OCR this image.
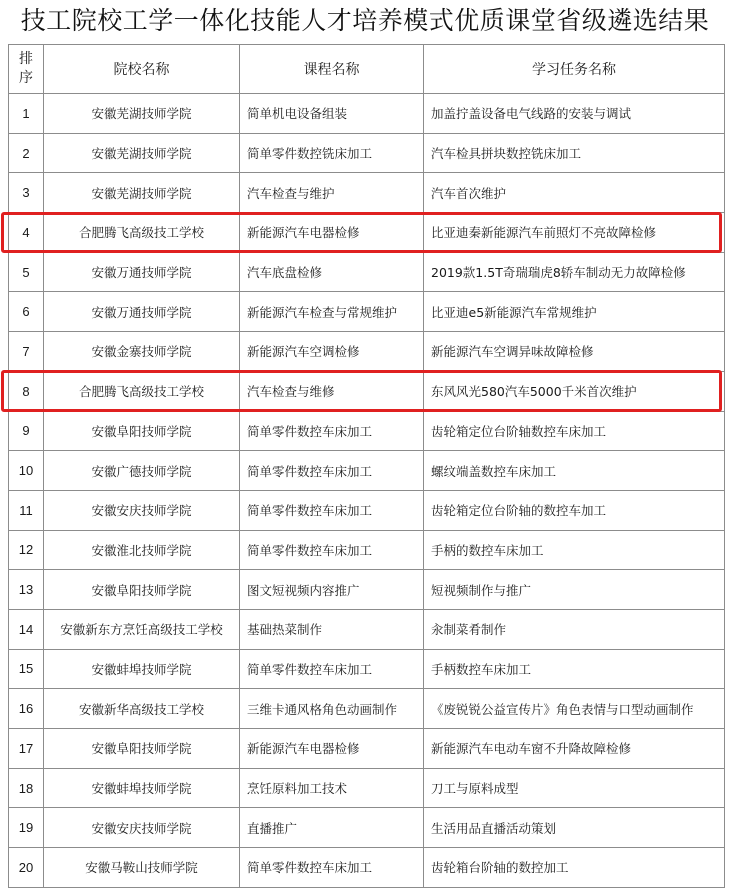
技工院校工学一体化技能人才培养模式优质课堂省级遴选结果
排
序	院校名称	课程名称	学习任务名称
1	安徽芜湖技师学院	简单机电设备组装	加盖拧盖设备电气线路的安装与调试
2	安徽芜湖技师学院	简单零件数控铣床加工	汽车检具拼块数控铣床加工
3	安徽芜湖技师学院	汽车检查与维护	汽车首次维护
4	合肥腾飞高级技工学校	新能源汽车电器检修	比亚迪秦新能源汽车前照灯不亮故障检修
5	安徽万通技师学院	汽车底盘检修	2019款1.5T奇瑞瑞虎8轿车制动无力故障检修
6	安徽万通技师学院	新能源汽车检查与常规维护	比亚迪e5新能源汽车常规维护
7	安徽金寨技师学院	新能源汽车空调检修	新能源汽车空调异味故障检修
8	合肥腾飞高级技工学校	汽车检查与维修	东风风光580汽车5000千米首次维护
9	安徽阜阳技师学院	简单零件数控车床加工	齿轮箱定位台阶轴数控车床加工
10	安徽广德技师学院	简单零件数控车床加工	螺纹端盖数控车床加工
11	安徽安庆技师学院	简单零件数控车床加工	齿轮箱定位台阶轴的数控车加工
12	安徽淮北技师学院	简单零件数控车床加工	手柄的数控车床加工
13	安徽阜阳技师学院	图文短视频内容推广	短视频制作与推广
14	安徽新东方烹饪高级技工学校	基础热菜制作	汆制菜肴制作
15	安徽蚌埠技师学院	简单零件数控车床加工	手柄数控车床加工
16	安徽新华高级技工学校	三维卡通风格角色动画制作	《废锐锐公益宣传片》角色表情与口型动画制作
17	安徽阜阳技师学院	新能源汽车电器检修	新能源汽车电动车窗不升降故障检修
18	安徽蚌埠技师学院	烹饪原料加工技术	刀工与原料成型
19	安徽安庆技师学院	直播推广	生活用品直播活动策划
20	安徽马鞍山技师学院	简单零件数控车床加工	齿轮箱台阶轴的数控加工
